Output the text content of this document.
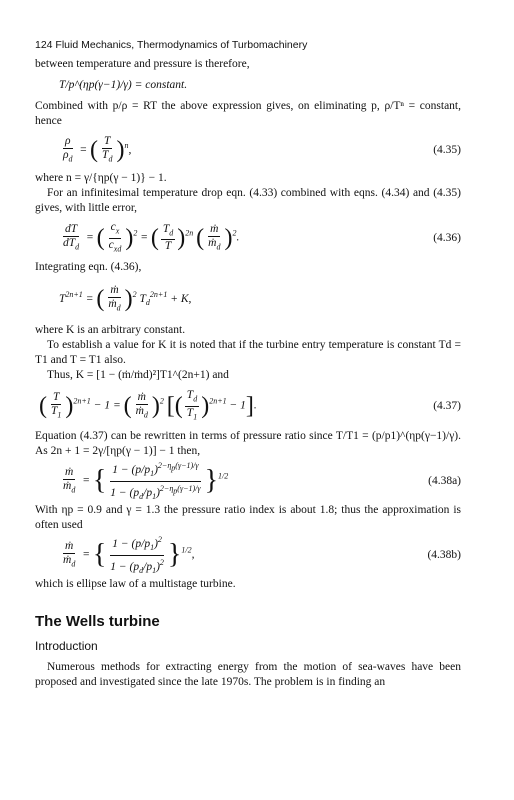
124 Fluid Mechanics, Thermodynamics of Turbomachinery

between temperature and pressure is therefore,

T/p^(ηp(γ−1)/γ) = constant.

Combined with p/ρ = RT the above expression gives, on eliminating p, ρ/Tⁿ = constant, hence

$\frac{\rho}{\rho_d}$ = ( $\frac{T}{T_d} )^n$,	(4.35)

where n = γ/{ηp(γ − 1)} − 1.

For an infinitesimal temperature drop eqn. (4.33) combined with eqns. (4.34) and (4.35) gives, with little error,

$\frac{dT}{dT_d}$ = ( $\frac{c_x}{c_{xd}} )^2$ = ( $\frac{T_d}{T} )^{2n}$ ( $\frac{\text{ṁ}}{ṁ_d} )^2$.	(4.36)

Integrating eqn. (4.36),

$T^{2n+1}$ = ( $\frac{\text{ṁ}}{ṁ_d} )^2$ $T_d^{2n+1} + K$,

where K is an arbitrary constant.

To establish a value for K it is noted that if the turbine entry temperature is constant Td = T1 and T = T1 also.

Thus, K = [1 − (ṁ/ṁd)²]T1^(2n+1) and

( $\frac{T}{T_1} )^{2n+1} - 1$ = ( $\frac{\text{ṁ}}{ṁ_d} )^2$ [( $\frac{T_d}{T_1} )^{2n+1} - 1$].	(4.37)

Equation (4.37) can be rewritten in terms of pressure ratio since T/T1 = (p/p1)^(ηp(γ−1)/γ). As 2n + 1 = 2γ/[ηp(γ − 1)] − 1 then,

$\frac{\text{ṁ}}{ṁ_d}$ = { $\frac{1 - (p/p_1)^{2-\eta_p(\gamma-1)/\gamma}}{1 - (p_d/p_1)^{2-\eta_p(\gamma-1)/\gamma}} \}^{1/2}$	(4.38a)

With ηp = 0.9 and γ = 1.3 the pressure ratio index is about 1.8; thus the approximation is often used

$\frac{\text{ṁ}}{ṁ_d}$ = { $\frac{1 - (p/p_1)^2}{1 - (p_d/p_1)^2} \}^{1/2}$,	(4.38b)

which is ellipse law of a multistage turbine.

The Wells turbine
Introduction

Numerous methods for extracting energy from the motion of sea-waves have been proposed and investigated since the late 1970s. The problem is in finding an
